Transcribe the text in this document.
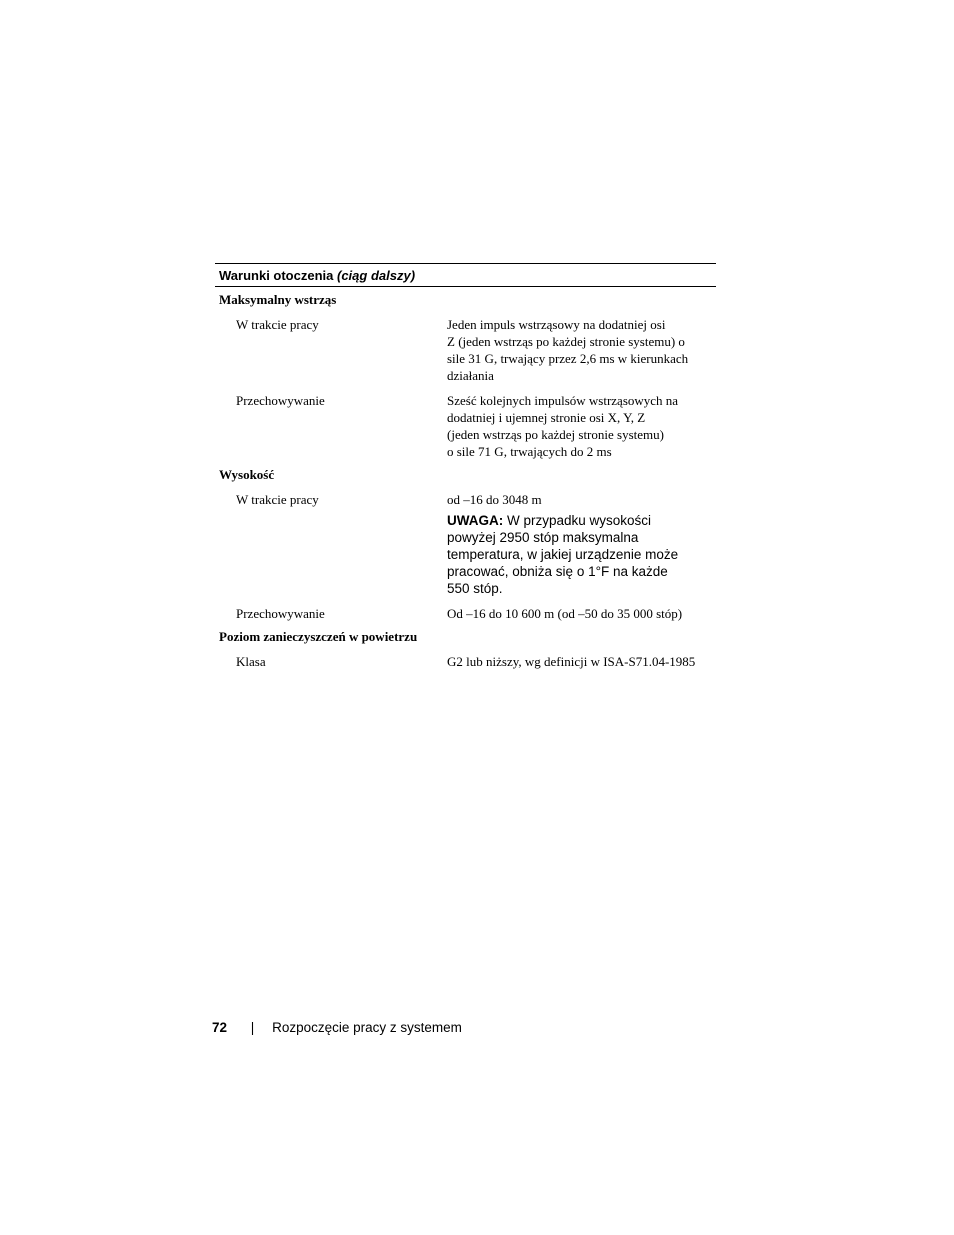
Warunki otoczenia (ciąg dalszy)
Maksymalny wstrząs
W trakcie pracy	Jeden impuls wstrząsowy na dodatniej osi
Z (jeden wstrząs po każdej stronie systemu) o
sile 31 G, trwający przez 2,6 ms w kierunkach
działania
Przechowywanie	Sześć kolejnych impulsów wstrząsowych na
dodatniej i ujemnej stronie osi X, Y, Z
(jeden wstrząs po każdej stronie systemu)
o sile 71 G, trwających do 2 ms
Wysokość
W trakcie pracy	od –16 do 3048 m
UWAGA: W przypadku wysokości
powyżej 2950 stóp maksymalna
temperatura, w jakiej urządzenie może
pracować, obniża się o 1°F na każde
550 stóp.
Przechowywanie	Od –16 do 10 600 m (od –50 do 35 000 stóp)
Poziom zanieczyszczeń w powietrzu
Klasa	G2 lub niższy, wg definicji w ISA-S71.04-1985
72 | Rozpoczęcie pracy z systemem
